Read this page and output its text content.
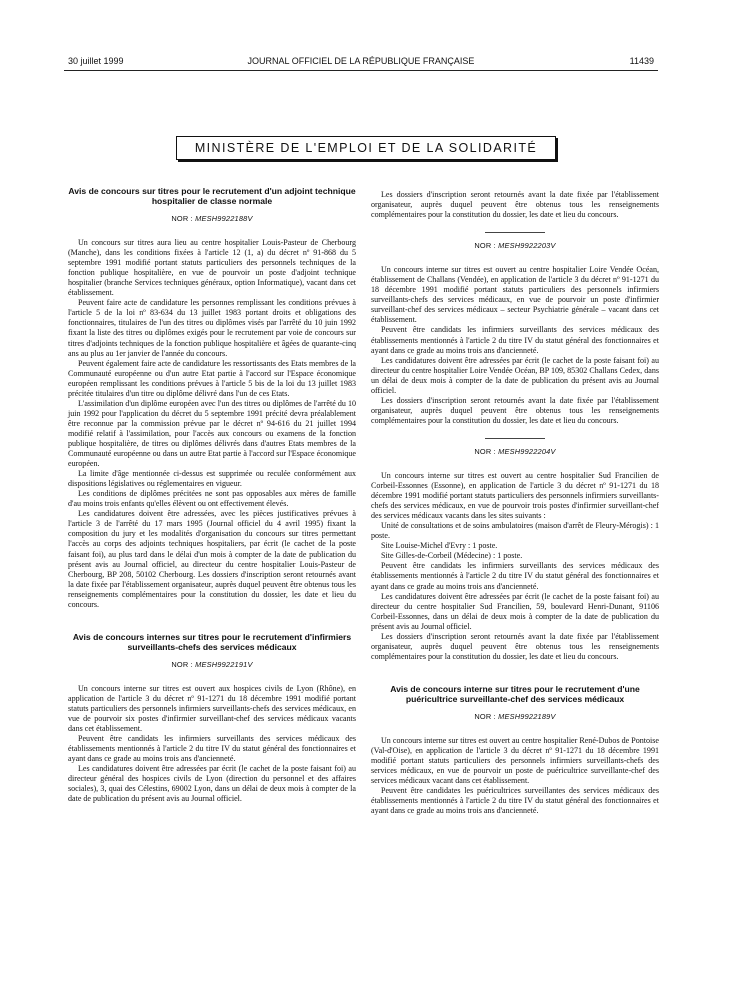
30 juillet 1999	JOURNAL OFFICIEL DE LA RÉPUBLIQUE FRANÇAISE	11439
MINISTÈRE DE L'EMPLOI ET DE LA SOLIDARITÉ
Avis de concours sur titres pour le recrutement d'un adjoint technique hospitalier de classe normale
NOR : MESH9922188V

Un concours sur titres aura lieu au centre hospitalier Louis-Pasteur de Cherbourg (Manche), dans les conditions fixées à l'article 12 (1, a) du décret nº 91-868 du 5 septembre 1991 modifié portant statuts particuliers des personnels techniques de la fonction publique hospitalière, en vue de pourvoir un poste d'adjoint technique hospitalier (branche Services techniques généraux, option Informatique), vacant dans cet établissement.

Peuvent faire acte de candidature les personnes remplissant les conditions prévues à l'article 5 de la loi nº 83-634 du 13 juillet 1983 portant droits et obligations des fonctionnaires, titulaires de l'un des titres ou diplômes visés par l'arrêté du 10 juin 1992 fixant la liste des titres ou diplômes exigés pour le recrutement par voie de concours sur titres d'adjoints techniques de la fonction publique hospitalière et âgées de quarante-cinq ans au plus au 1er janvier de l'année du concours.

Peuvent également faire acte de candidature les ressortissants des Etats membres de la Communauté européenne ou d'un autre Etat partie à l'accord sur l'Espace économique européen remplissant les conditions prévues à l'article 5 bis de la loi du 13 juillet 1983 précitée titulaires d'un titre ou diplôme délivré dans l'un de ces Etats.

L'assimilation d'un diplôme européen avec l'un des titres ou diplômes de l'arrêté du 10 juin 1992 pour l'application du décret du 5 septembre 1991 précité devra préalablement être reconnue par la commission prévue par le décret nº 94-616 du 21 juillet 1994 modifié relatif à l'assimilation, pour l'accès aux concours ou examens de la fonction publique hospitalière, de titres ou diplômes délivrés dans d'autres Etats membres de la Communauté européenne ou dans un autre Etat partie à l'accord sur l'Espace économique européen.

La limite d'âge mentionnée ci-dessus est supprimée ou reculée conformément aux dispositions législatives ou réglementaires en vigueur.

Les conditions de diplômes précitées ne sont pas opposables aux mères de famille d'au moins trois enfants qu'elles élèvent ou ont effectivement élevés.

Les candidatures doivent être adressées, avec les pièces justificatives prévues à l'article 3 de l'arrêté du 17 mars 1995 (Journal officiel du 4 avril 1995) fixant la composition du jury et les modalités d'organisation du concours sur titres permettant l'accès au corps des adjoints techniques hospitaliers, par écrit (le cachet de la poste faisant foi), au plus tard dans le délai d'un mois à compter de la date de publication du présent avis au Journal officiel, au directeur du centre hospitalier Louis-Pasteur de Cherbourg, BP 208, 50102 Cherbourg. Les dossiers d'inscription seront retournés avant la date fixée par l'établissement organisateur, auprès duquel peuvent être obtenus tous les renseignements complémentaires pour la constitution du dossier, les date et lieu du concours.

Avis de concours internes sur titres pour le recrutement d'infirmiers surveillants-chefs des services médicaux
NOR : MESH9922191V

Un concours interne sur titres est ouvert aux hospices civils de Lyon (Rhône), en application de l'article 3 du décret nº 91-1271 du 18 décembre 1991 modifié portant statuts particuliers des personnels infirmiers surveillants-chefs des services médicaux, en vue de pourvoir six postes d'infirmier surveillant-chef des services médicaux vacants dans cet établissement.

Peuvent être candidats les infirmiers surveillants des services médicaux des établissements mentionnés à l'article 2 du titre IV du statut général des fonctionnaires et ayant dans ce grade au moins trois ans d'ancienneté.

Les candidatures doivent être adressées par écrit (le cachet de la poste faisant foi) au directeur général des hospices civils de Lyon (direction du personnel et des affaires sociales), 3, quai des Célestins, 69002 Lyon, dans un délai de deux mois à compter de la date de publication du présent avis au Journal officiel.

Les dossiers d'inscription seront retournés avant la date fixée par l'établissement organisateur, auprès duquel peuvent être obtenus tous les renseignements complémentaires pour la constitution du dossier, les date et lieu du concours.

NOR : MESH9922203V

Un concours interne sur titres est ouvert au centre hospitalier Loire Vendée Océan, établissement de Challans (Vendée), en application de l'article 3 du décret nº 91-1271 du 18 décembre 1991 modifié portant statuts particuliers des personnels infirmiers surveillants-chefs des services médicaux, en vue de pourvoir un poste d'infirmier surveillant-chef des services médicaux – secteur Psychiatrie générale – vacant dans cet établissement.

Peuvent être candidats les infirmiers surveillants des services médicaux des établissements mentionnés à l'article 2 du titre IV du statut général des fonctionnaires et ayant dans ce grade au moins trois ans d'ancienneté.

Les candidatures doivent être adressées par écrit (le cachet de la poste faisant foi) au directeur du centre hospitalier Loire Vendée Océan, BP 109, 85302 Challans Cedex, dans un délai de deux mois à compter de la date de publication du présent avis au Journal officiel.

Les dossiers d'inscription seront retournés avant la date fixée par l'établissement organisateur, auprès duquel peuvent être obtenus tous les renseignements complémentaires pour la constitution du dossier, les date et lieu du concours.

NOR : MESH9922204V

Un concours interne sur titres est ouvert au centre hospitalier Sud Francilien de Corbeil-Essonnes (Essonne), en application de l'article 3 du décret nº 91-1271 du 18 décembre 1991 modifié portant statuts particuliers des personnels infirmiers surveillants-chefs des services médicaux, en vue de pourvoir trois postes d'infirmier surveillant-chef des services médicaux vacants dans les sites suivants :

Unité de consultations et de soins ambulatoires (maison d'arrêt de Fleury-Mérogis) : 1 poste.

Site Louise-Michel d'Evry : 1 poste.

Site Gilles-de-Corbeil (Médecine) : 1 poste.

Peuvent être candidats les infirmiers surveillants des services médicaux des établissements mentionnés à l'article 2 du titre IV du statut général des fonctionnaires et ayant dans ce grade au moins trois ans d'ancienneté.

Les candidatures doivent être adressées par écrit (le cachet de la poste faisant foi) au directeur du centre hospitalier Sud Francilien, 59, boulevard Henri-Dunant, 91106 Corbeil-Essonnes, dans un délai de deux mois à compter de la date de publication du présent avis au Journal officiel.

Les dossiers d'inscription seront retournés avant la date fixée par l'établissement organisateur, auprès duquel peuvent être obtenus tous les renseignements complémentaires pour la constitution du dossier, les date et lieu du concours.

Avis de concours interne sur titres pour le recrutement d'une puéricultrice surveillante-chef des services médicaux
NOR : MESH9922189V

Un concours interne sur titres est ouvert au centre hospitalier René-Dubos de Pontoise (Val-d'Oise), en application de l'article 3 du décret nº 91-1271 du 18 décembre 1991 modifié portant statuts particuliers des personnels infirmiers surveillants-chefs des services médicaux, en vue de pourvoir un poste de puéricultrice surveillante-chef des services médicaux vacant dans cet établissement.

Peuvent être candidates les puéricultrices surveillantes des services médicaux des établissements mentionnés à l'article 2 du titre IV du statut général des fonctionnaires et ayant dans ce grade au moins trois ans d'ancienneté.
